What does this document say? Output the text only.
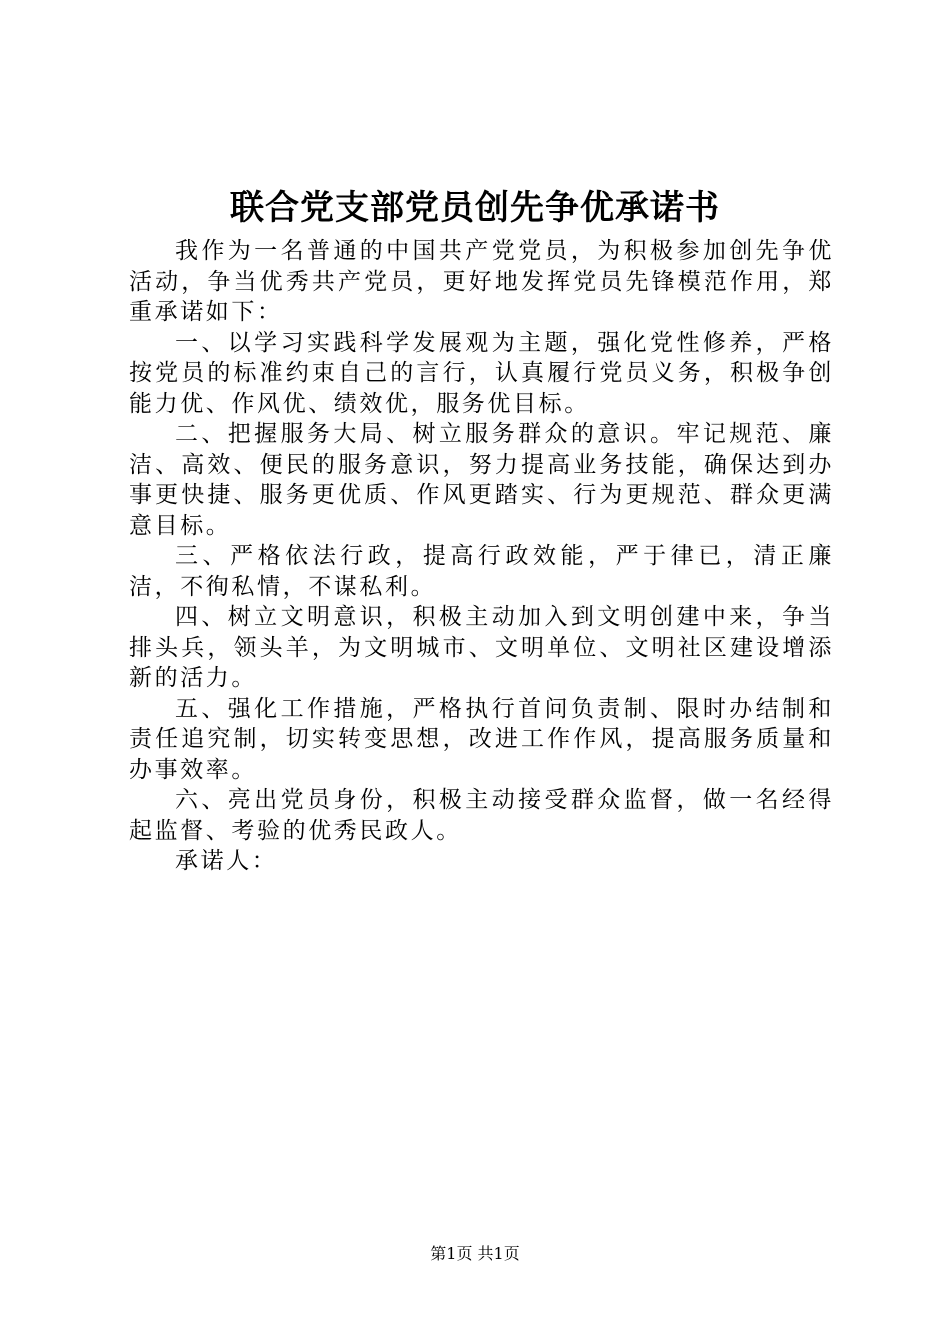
联合党支部党员创先争优承诺书

我作为一名普通的中国共产党党员，为积极参加创先争优活动，争当优秀共产党员，更好地发挥党员先锋模范作用，郑重承诺如下：

一、以学习实践科学发展观为主题，强化党性修养，严格按党员的标准约束自己的言行，认真履行党员义务，积极争创能力优、作风优、绩效优，服务优目标。

二、把握服务大局、树立服务群众的意识。牢记规范、廉洁、高效、便民的服务意识，努力提高业务技能，确保达到办事更快捷、服务更优质、作风更踏实、行为更规范、群众更满意目标。

三、严格依法行政，提高行政效能，严于律已，清正廉洁，不徇私情，不谋私利。

四、树立文明意识，积极主动加入到文明创建中来，争当排头兵，领头羊，为文明城市、文明单位、文明社区建设增添新的活力。

五、强化工作措施，严格执行首问负责制、限时办结制和责任追究制，切实转变思想，改进工作作风，提高服务质量和办事效率。

六、亮出党员身份，积极主动接受群众监督，做一名经得起监督、考验的优秀民政人。

承诺人：

第1页 共1页
